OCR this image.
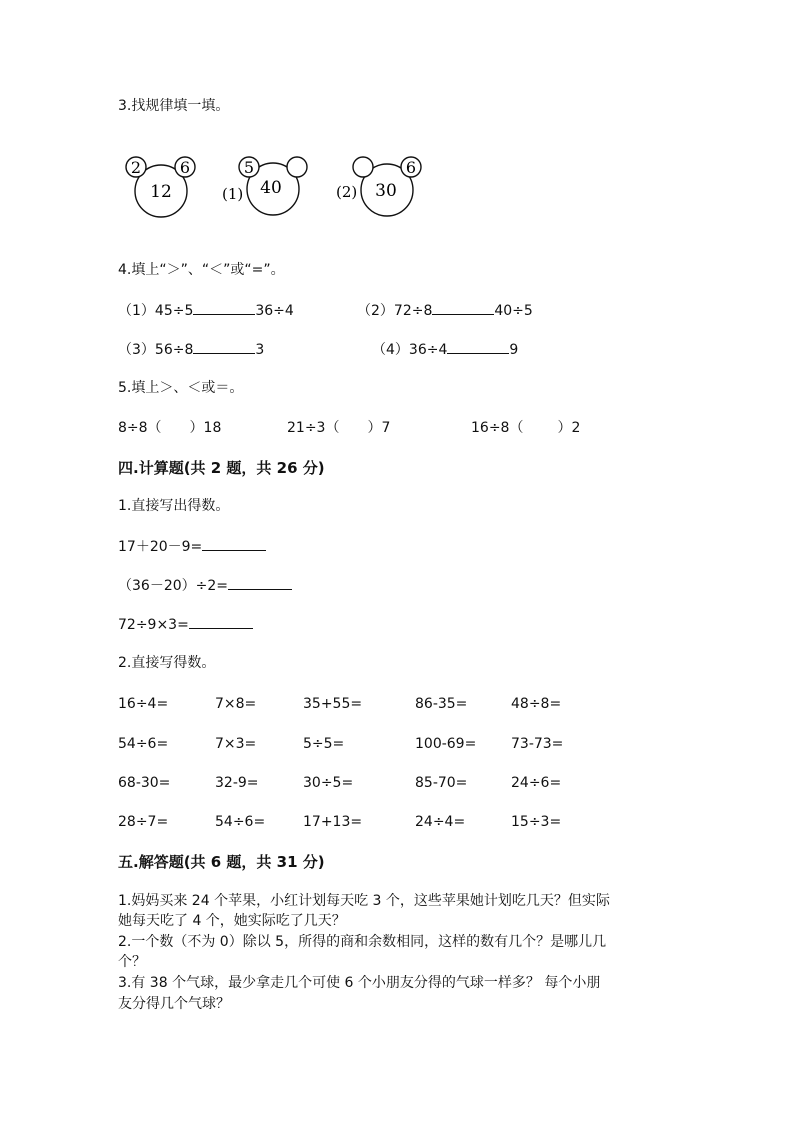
3.找规律填一填。
2 6
12	(1)
5
40	(2)
6
30
4.填上“＞”、“＜”或“=”。
（1）45÷5	36÷4	（2）72÷8	40÷5
（3）56÷8	3	（4）36÷4	9
5.填上＞、＜或＝。
8÷8（ ）18	21÷3（ ）7	16÷8（ ）2
四.计算题(共 2 题，共 26 分)
1.直接写出得数。
17＋20－9=
（36－20）÷2=
72÷9×3=
2.直接写得数。
16÷4=	7×8=	35+55=	86-35=	48÷8=
54÷6=	7×3=	5÷5=	100-69= 73-73=
68-30=	32-9=	30÷5=	85-70=	24÷6=
28÷7=	54÷6=	17+13=	24÷4=	15÷3=
五.解答题(共 6 题，共 31 分)
1.妈妈买来 24 个苹果，小红计划每天吃 3 个，这些苹果她计划吃几天？但实际
她每天吃了 4 个，她实际吃了几天？
2.一个数（不为 0）除以 5，所得的商和余数相同，这样的数有几个？是哪儿几
个？
3.有 38 个气球，最少拿走几个可使 6 个小朋友分得的气球一样多？ 每个小朋
友分得几个气球？
